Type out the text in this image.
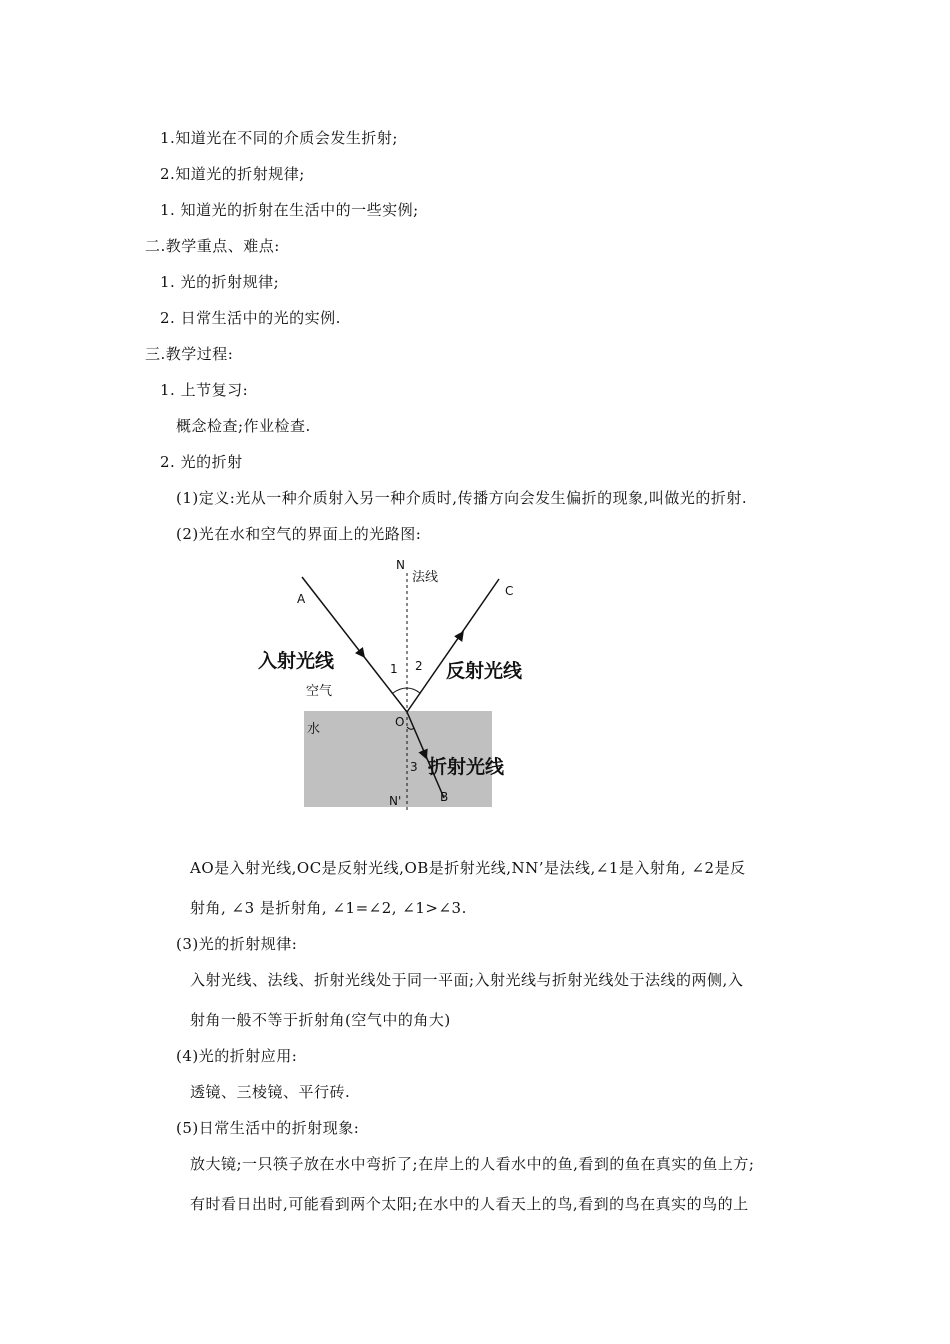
1.知道光在不同的介质会发生折射;
2.知道光的折射规律;
1. 知道光的折射在生活中的一些实例;
二.教学重点、难点:
1. 光的折射规律;
2. 日常生活中的光的实例.
三.教学过程:
1. 上节复习:
概念检查;作业检查.
2. 光的折射
(1)定义:光从一种介质射入另一种介质时,传播方向会发生偏折的现象,叫做光的折射.
(2)光在水和空气的界面上的光路图:
N
法线
A
C
入射光线	反射光线
1 2
空气
O
水
3 折射光线
N'	B
AO是入射光线,OC是反射光线,OB是折射光线,NN’是法线,∠1是入射角, ∠2是反
射角, ∠3 是折射角, ∠1=∠2, ∠1>∠3.
(3)光的折射规律:
入射光线、法线、折射光线处于同一平面;入射光线与折射光线处于法线的两侧,入
射角一般不等于折射角(空气中的角大)
(4)光的折射应用:
透镜、三棱镜、平行砖.
(5)日常生活中的折射现象:
放大镜;一只筷子放在水中弯折了;在岸上的人看水中的鱼,看到的鱼在真实的鱼上方;
有时看日出时,可能看到两个太阳;在水中的人看天上的鸟,看到的鸟在真实的鸟的上
